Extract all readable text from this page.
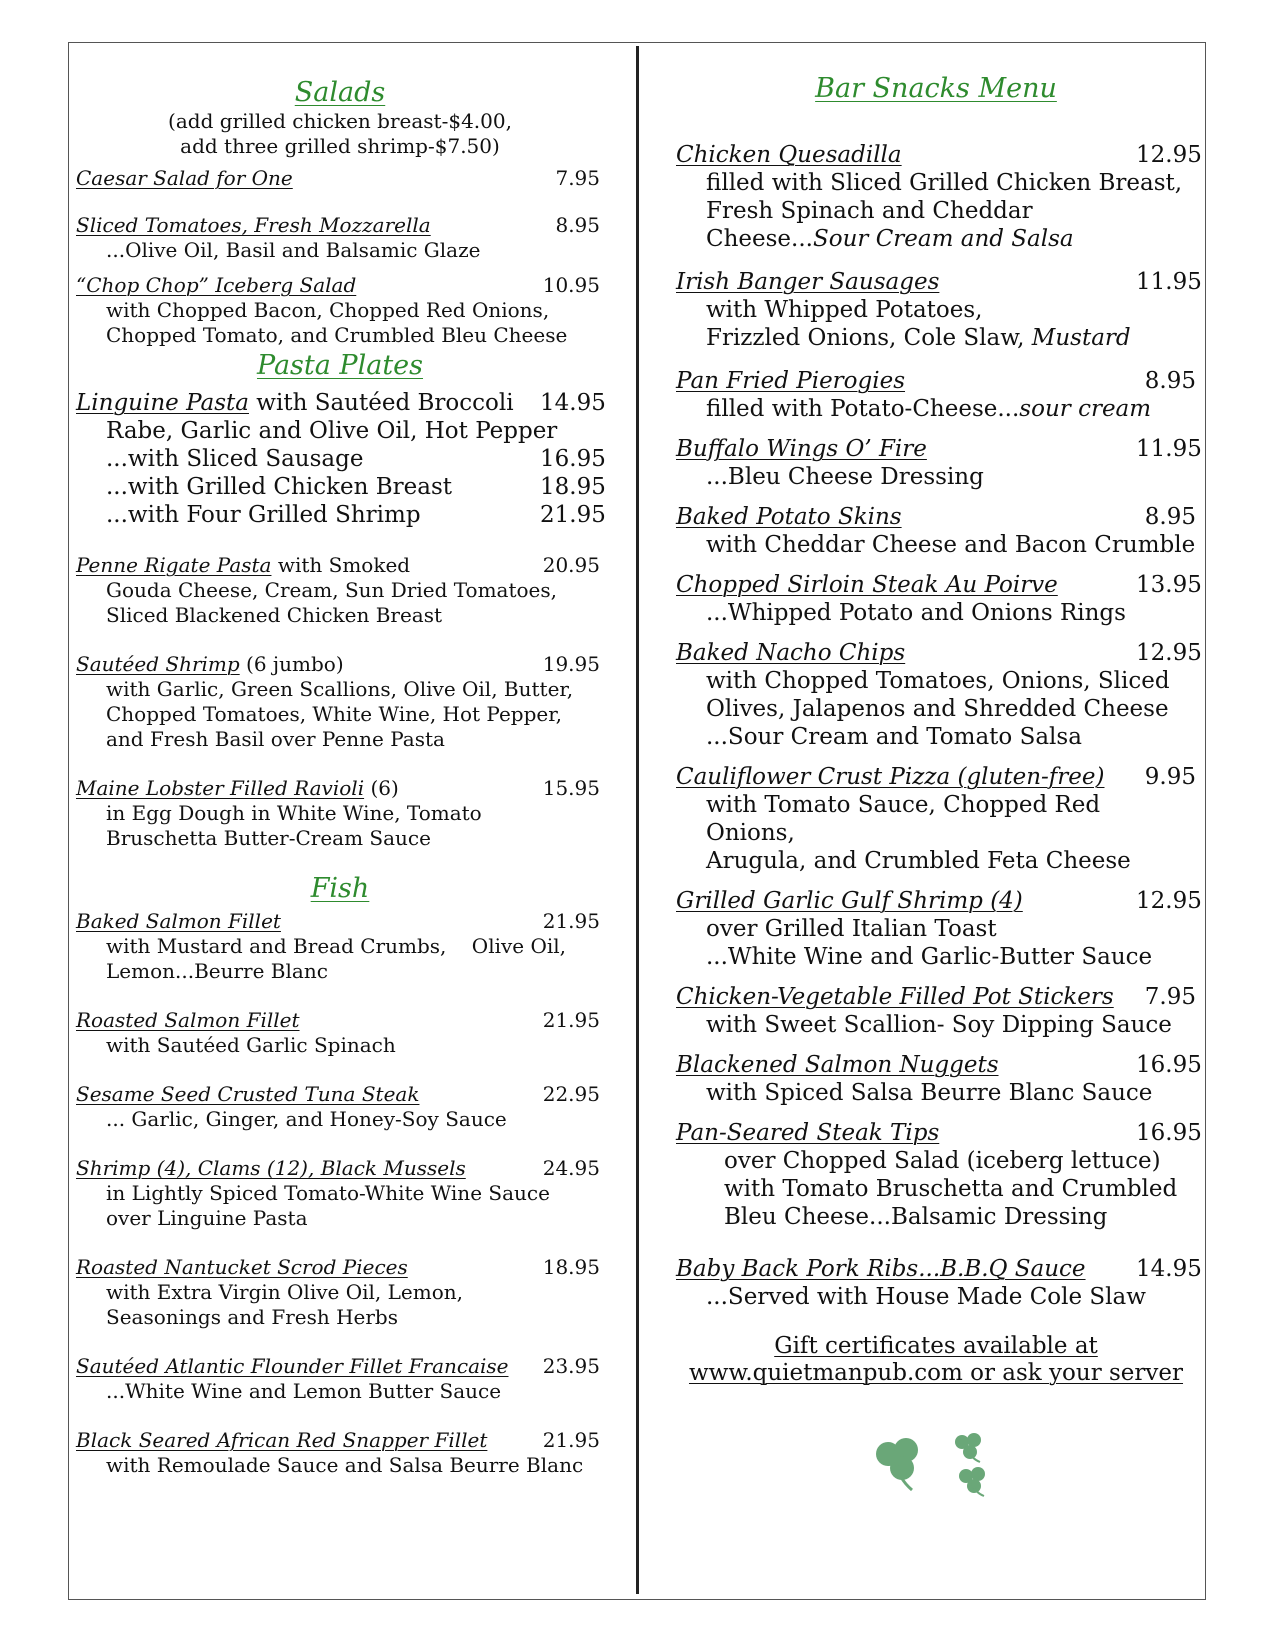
Salads
(add grilled chicken breast-$4.00,
add three grilled shrimp-$7.50)
Caesar Salad for One	7.95
Sliced Tomatoes, Fresh Mozzarella	8.95
...Olive Oil, Basil and Balsamic Glaze
“Chop Chop” Iceberg Salad	10.95
with Chopped Bacon, Chopped Red Onions,
Chopped Tomato, and Crumbled Bleu Cheese
Pasta Plates
Linguine Pasta with Sautéed Broccoli 14.95
Rabe, Garlic and Olive Oil, Hot Pepper
...with Sliced Sausage	16.95
...with Grilled Chicken Breast	18.95
...with Four Grilled Shrimp	21.95
Penne Rigate Pasta with Smoked	20.95
Gouda Cheese, Cream, Sun Dried Tomatoes,
Sliced Blackened Chicken Breast
Sautéed Shrimp (6 jumbo)	19.95
with Garlic, Green Scallions, Olive Oil, Butter,
Chopped Tomatoes, White Wine, Hot Pepper,
and Fresh Basil over Penne Pasta
Maine Lobster Filled Ravioli (6)	15.95
in Egg Dough in White Wine, Tomato
Bruschetta Butter-Cream Sauce
Fish
Baked Salmon Fillet	21.95
with Mustard and Bread Crumbs,    Olive Oil,
Lemon...Beurre Blanc
Roasted Salmon Fillet	21.95
with Sautéed Garlic Spinach
Sesame Seed Crusted Tuna Steak	22.95
... Garlic, Ginger, and Honey-Soy Sauce
Shrimp (4), Clams (12), Black Mussels	24.95
in Lightly Spiced Tomato-White Wine Sauce
over Linguine Pasta
Roasted Nantucket Scrod Pieces	18.95
with Extra Virgin Olive Oil, Lemon,
Seasonings and Fresh Herbs
Sautéed Atlantic Flounder Fillet Francaise 23.95
...White Wine and Lemon Butter Sauce
Black Seared African Red Snapper Fillet	21.95
with Remoulade Sauce and Salsa Beurre Blanc
Bar Snacks Menu
Chicken Quesadilla	12.95
filled with Sliced Grilled Chicken Breast,
Fresh Spinach and Cheddar
Cheese...Sour Cream and Salsa
Irish Banger Sausages	11.95
with Whipped Potatoes,
Frizzled Onions, Cole Slaw, Mustard
Pan Fried Pierogies	8.95
filled with Potato-Cheese...sour cream
Buffalo Wings O’ Fire	11.95
...Bleu Cheese Dressing
Baked Potato Skins	8.95
with Cheddar Cheese and Bacon Crumble
Chopped Sirloin Steak Au Poirve	13.95
...Whipped Potato and Onions Rings
Baked Nacho Chips	12.95
with Chopped Tomatoes, Onions, Sliced
Olives, Jalapenos and Shredded Cheese
...Sour Cream and Tomato Salsa
Cauliflower Crust Pizza (gluten-free)	9.95
with Tomato Sauce, Chopped Red Onions,
Arugula, and Crumbled Feta Cheese
Grilled Garlic Gulf Shrimp (4)	12.95
over Grilled Italian Toast
...White Wine and Garlic-Butter Sauce
Chicken-Vegetable Filled Pot Stickers	7.95
with Sweet Scallion- Soy Dipping Sauce
Blackened Salmon Nuggets	16.95
with Spiced Salsa Beurre Blanc Sauce
Pan-Seared Steak Tips	16.95
over Chopped Salad (iceberg lettuce)
with Tomato Bruschetta and Crumbled
Bleu Cheese...Balsamic Dressing
Baby Back Pork Ribs...B.B.Q Sauce 14.95
...Served with House Made Cole Slaw
Gift certificates available at
www.quietmanpub.com or ask your server
